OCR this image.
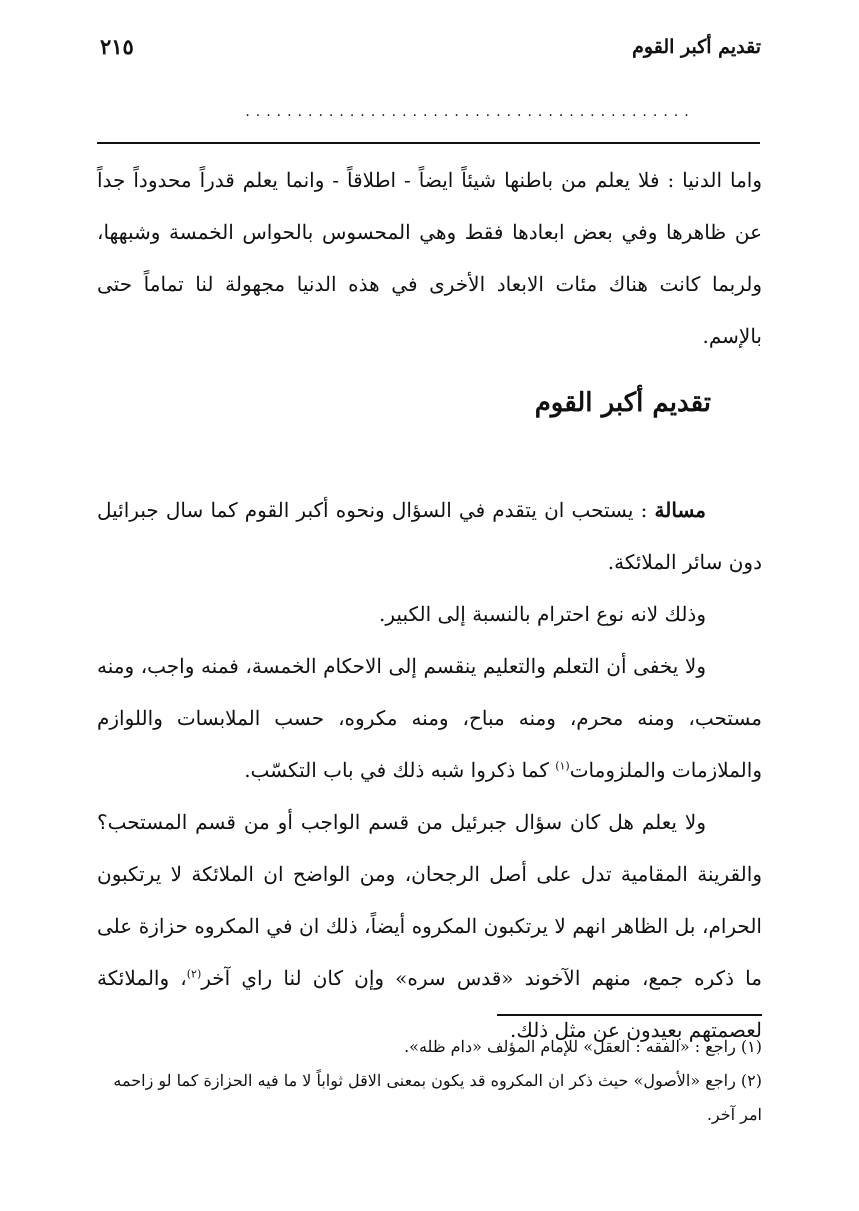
تقديم أكبر القوم
٢١٥
...........................................

واما الدنيا : فلا يعلم من باطنها شيئاً ايضاً - اطلاقاً - وانما يعلم قدراً محدوداً جداً عن ظاهرها وفي بعض ابعادها فقط وهي المحسوس بالحواس الخمسة وشبهها، ولربما كانت هناك مئات الابعاد الأخرى في هذه الدنيا مجهولة لنا تماماً حتى بالإسم.

تقديم أكبر القوم

مسالة : يستحب ان يتقدم في السؤال ونحوه أكبر القوم كما سال جبرائيل دون سائر الملائكة.

وذلك لانه نوع احترام بالنسبة إلى الكبير.

ولا يخفى أن التعلم والتعليم ينقسم إلى الاحكام الخمسة، فمنه واجب، ومنه مستحب، ومنه محرم، ومنه مباح، ومنه مكروه، حسب الملابسات واللوازم والملازمات والملزومات$^{(١)}$ كما ذكروا شبه ذلك في باب التكسّب.

ولا يعلم هل كان سؤال جبرئيل من قسم الواجب أو من قسم المستحب؟ والقرينة المقامية تدل على أصل الرجحان، ومن الواضح ان الملائكة لا يرتكبون الحرام، بل الظاهر انهم لا يرتكبون المكروه أيضاً، ذلك ان في المكروه حزازة على ما ذكره جمع، منهم الآخوند «قدس سره» وإن كان لنا راي آخر$^{(٢)}$، والملائكة لعصمتهم بعيدون عن مثل ذلك.

(١) راجع : «الفقه : العقل» للإمام المؤلف «دام ظله».

(٢) راجع «الأصول» حيث ذكر ان المكروه قد يكون بمعنى الاقل ثواباً لا ما فيه الحزازة كما لو زاحمه امر آخر.
